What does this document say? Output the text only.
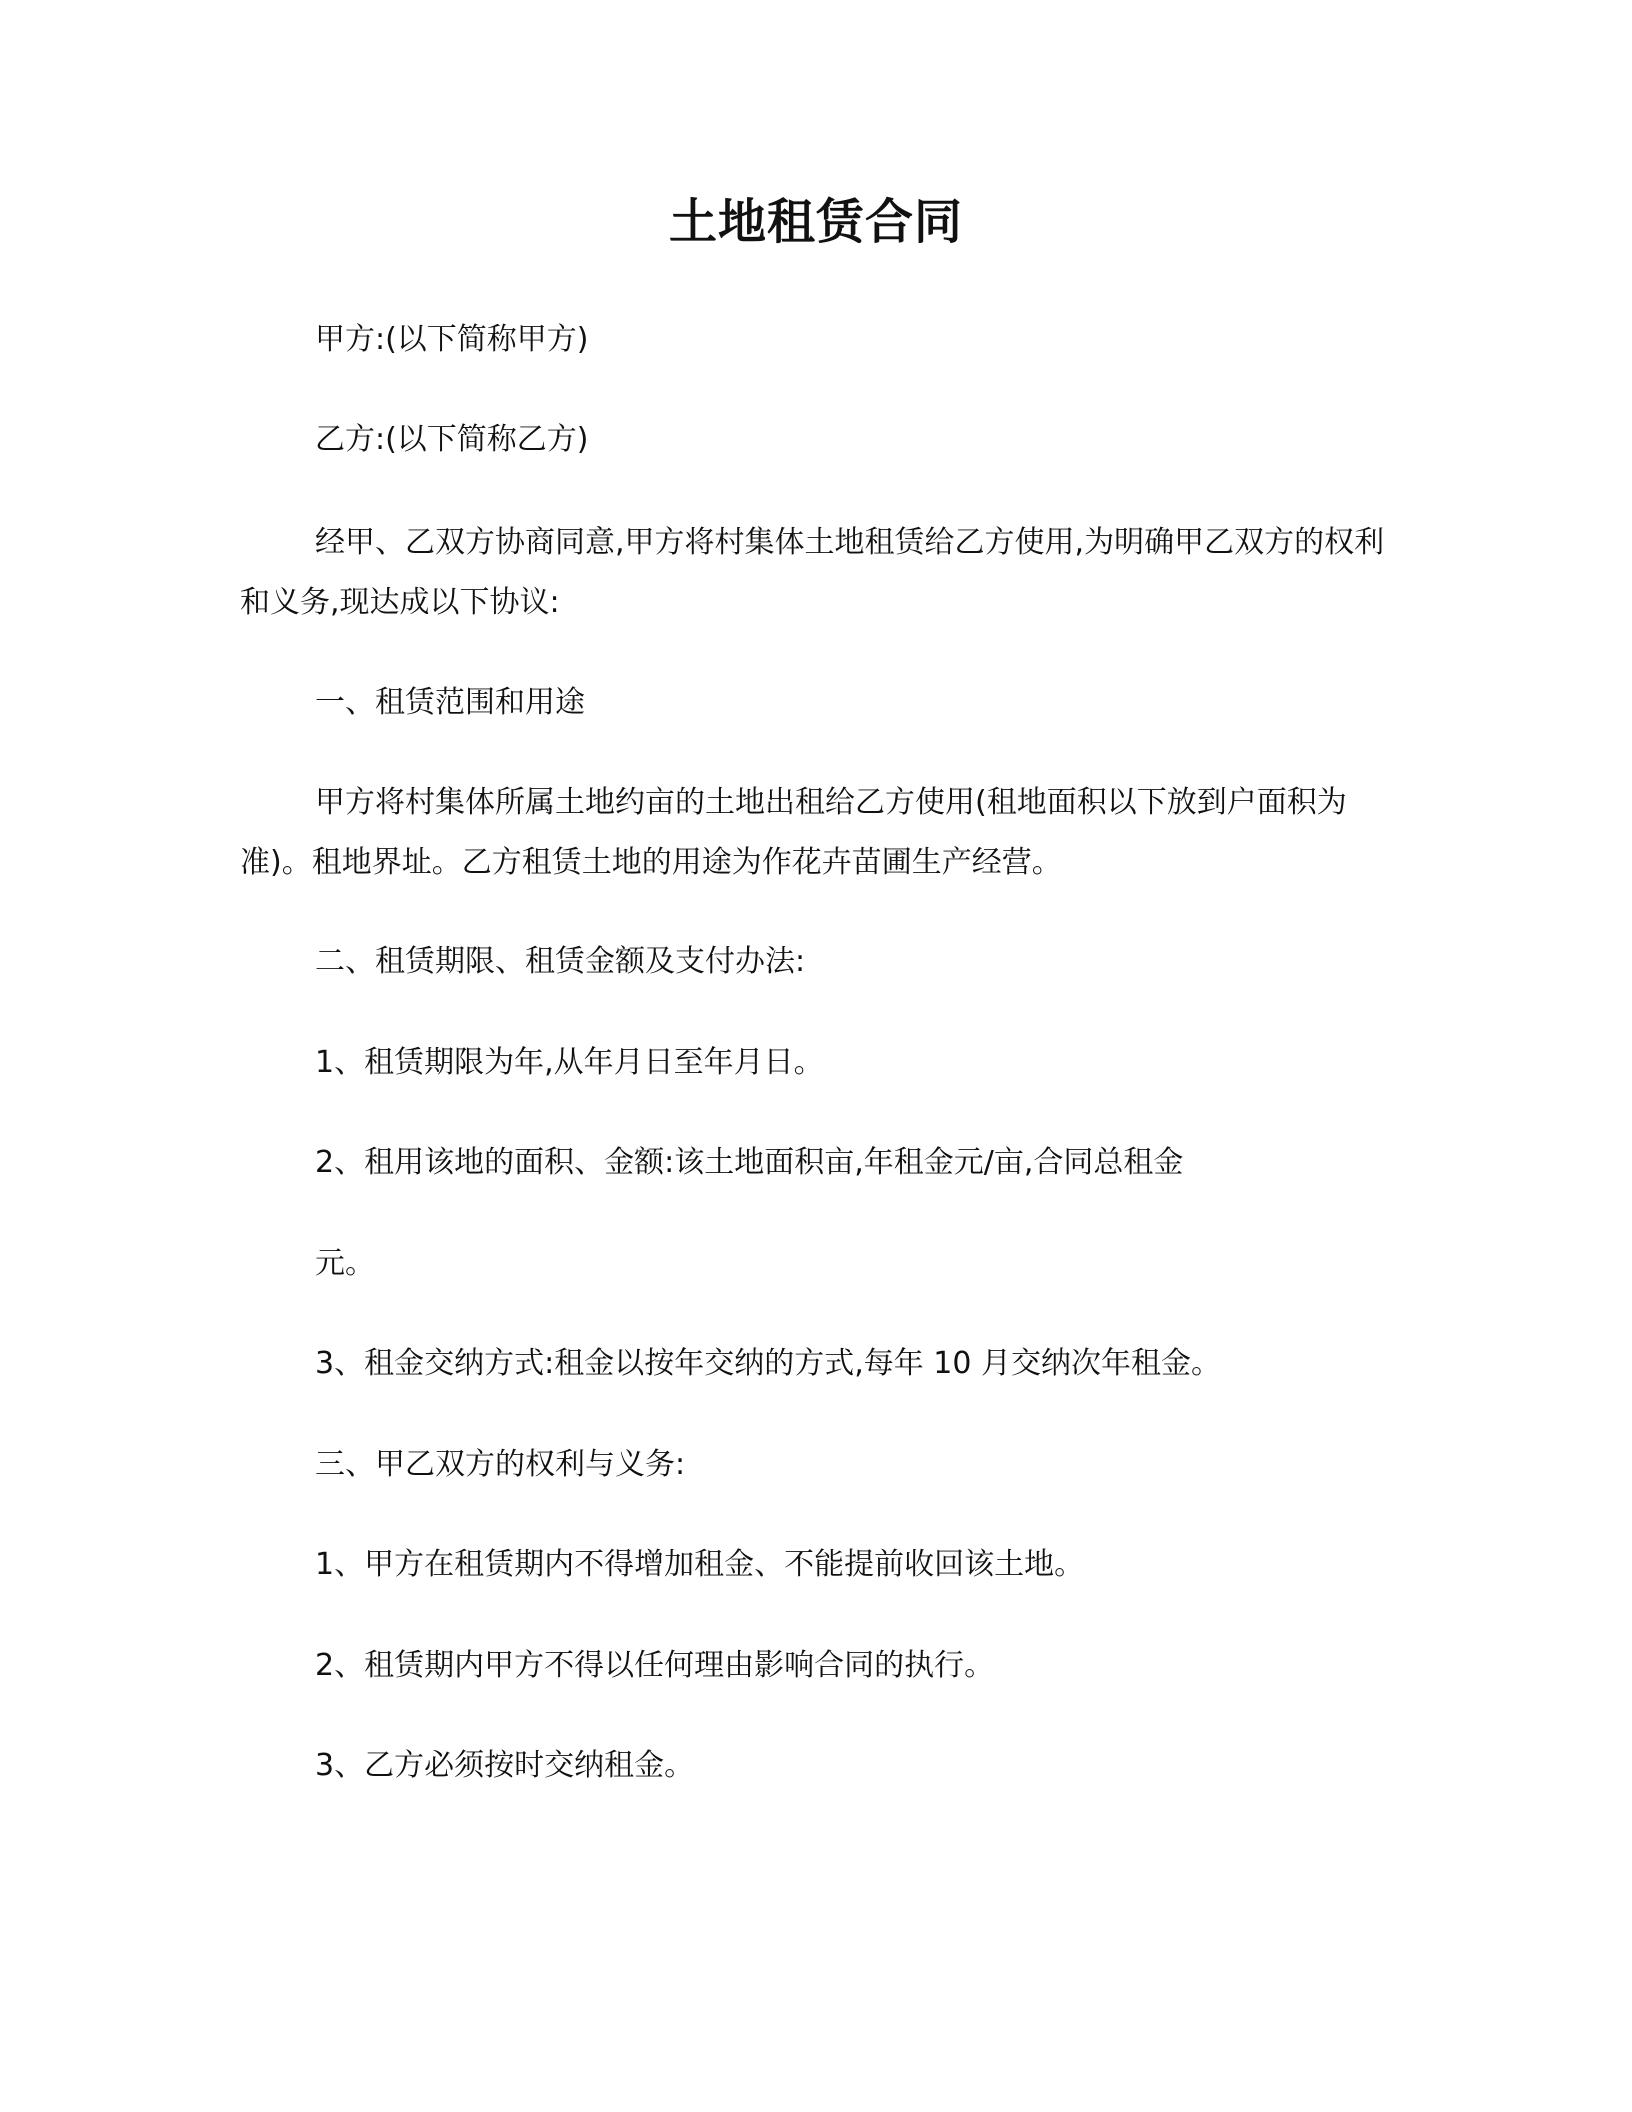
土地租赁合同
甲方:(以下简称甲方)
乙方:(以下简称乙方)
经甲、乙双方协商同意,甲方将村集体土地租赁给乙方使用,为明确甲乙双方的权利和义务,现达成以下协议:
一、租赁范围和用途
甲方将村集体所属土地约亩的土地出租给乙方使用(租地面积以下放到户面积为准)。租地界址。乙方租赁土地的用途为作花卉苗圃生产经营。
二、租赁期限、租赁金额及支付办法:
1、租赁期限为年,从年月日至年月日。
2、租用该地的面积、金额:该土地面积亩,年租金元/亩,合同总租金
元。
3、租金交纳方式:租金以按年交纳的方式,每年 10 月交纳次年租金。
三、甲乙双方的权利与义务:
1、甲方在租赁期内不得增加租金、不能提前收回该土地。
2、租赁期内甲方不得以任何理由影响合同的执行。
3、乙方必须按时交纳租金。
